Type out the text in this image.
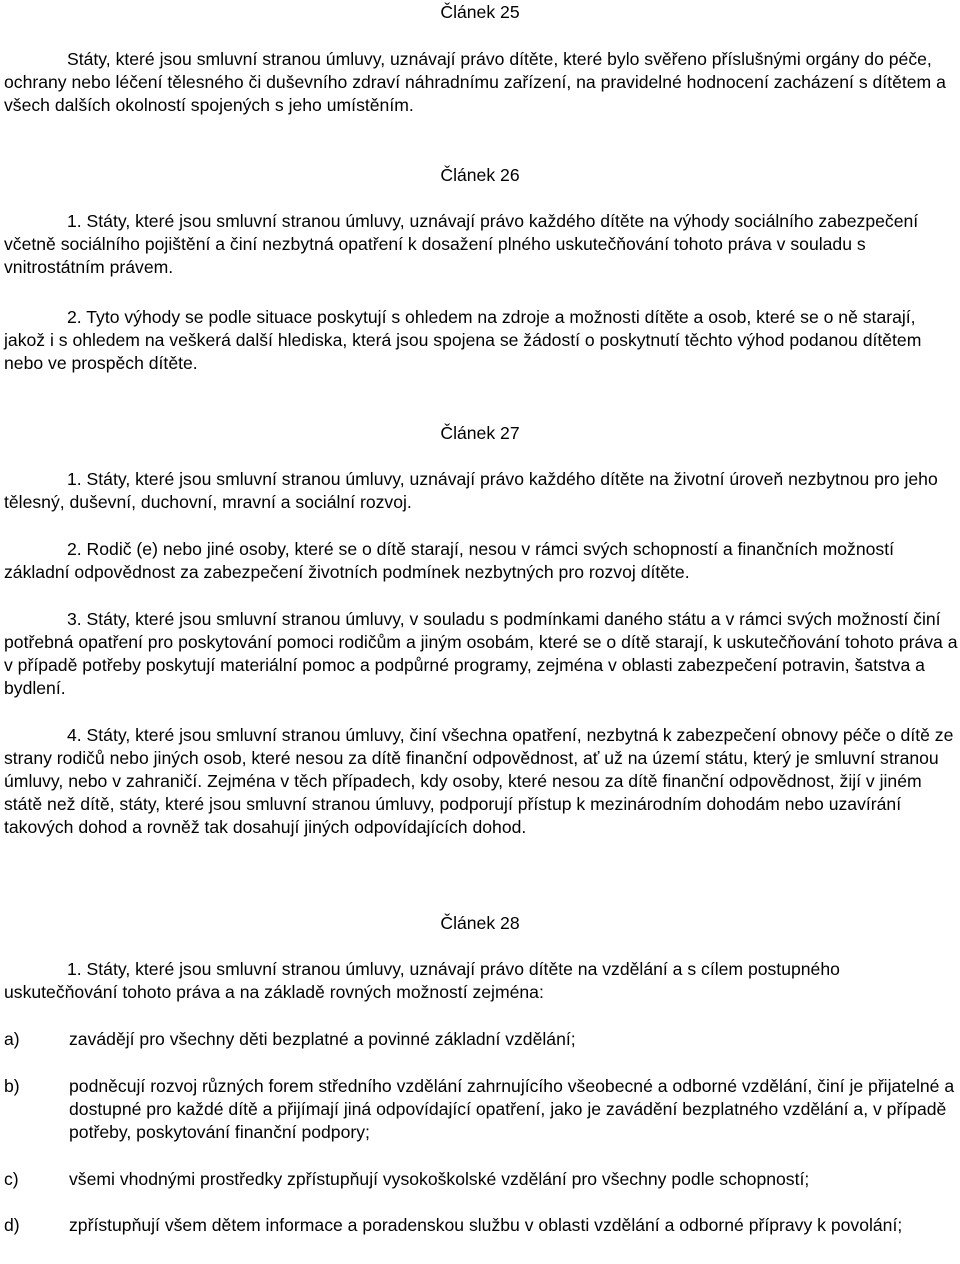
Článek 25

Státy, které jsou smluvní stranou úmluvy, uznávají právo dítěte, které bylo svěřeno příslušnými orgány do péče, ochrany nebo léčení tělesného či duševního zdraví náhradnímu zařízení, na pravidelné hodnocení zacházení s dítětem a všech dalších okolností spojených s jeho umístěním.

Článek 26

1. Státy, které jsou smluvní stranou úmluvy, uznávají právo každého dítěte na výhody sociálního zabezpečení včetně sociálního pojištění a činí nezbytná opatření k dosažení plného uskutečňování tohoto práva v souladu s vnitrostátním právem.

2. Tyto výhody se podle situace poskytují s ohledem na zdroje a možnosti dítěte a osob, které se o ně starají, jakož i s ohledem na veškerá další hlediska, která jsou spojena se žádostí o poskytnutí těchto výhod podanou dítětem nebo ve prospěch dítěte.

Článek 27

1. Státy, které jsou smluvní stranou úmluvy, uznávají právo každého dítěte na životní úroveň nezbytnou pro jeho tělesný, duševní, duchovní, mravní a sociální rozvoj.

2. Rodič (e) nebo jiné osoby, které se o dítě starají, nesou v rámci svých schopností a finančních možností základní odpovědnost za zabezpečení životních podmínek nezbytných pro rozvoj dítěte.

3. Státy, které jsou smluvní stranou úmluvy, v souladu s podmínkami daného státu a v rámci svých možností činí potřebná opatření pro poskytování pomoci rodičům a jiným osobám, které se o dítě starají, k uskutečňování tohoto práva a v případě potřeby poskytují materiální pomoc a podpůrné programy, zejména v oblasti zabezpečení potravin, šatstva a bydlení.

4. Státy, které jsou smluvní stranou úmluvy, činí všechna opatření, nezbytná k zabezpečení obnovy péče o dítě ze strany rodičů nebo jiných osob, které nesou za dítě finanční odpovědnost, ať už na území státu, který je smluvní stranou úmluvy, nebo v zahraničí. Zejména v těch případech, kdy osoby, které nesou za dítě finanční odpovědnost, žijí v jiném státě než dítě, státy, které jsou smluvní stranou úmluvy, podporují přístup k mezinárodním dohodám nebo uzavírání takových dohod a rovněž tak dosahují jiných odpovídajících dohod.

Článek 28

1. Státy, které jsou smluvní stranou úmluvy, uznávají právo dítěte na vzdělání a s cílem postupného uskutečňování tohoto práva a na základě rovných možností zejména:

a)	zavádějí pro všechny děti bezplatné a povinné základní vzdělání;
b)	podněcují rozvoj různých forem středního vzdělání zahrnujícího všeobecné a odborné vzdělání, činí je přijatelné a dostupné pro každé dítě a přijímají jiná odpovídající opatření, jako je zavádění bezplatného vzdělání a, v případě potřeby, poskytování finanční podpory;
c)	všemi vhodnými prostředky zpřístupňují vysokoškolské vzdělání pro všechny podle schopností;
d)	zpřístupňují všem dětem informace a poradenskou službu v oblasti vzdělání a odborné přípravy k povolání;
